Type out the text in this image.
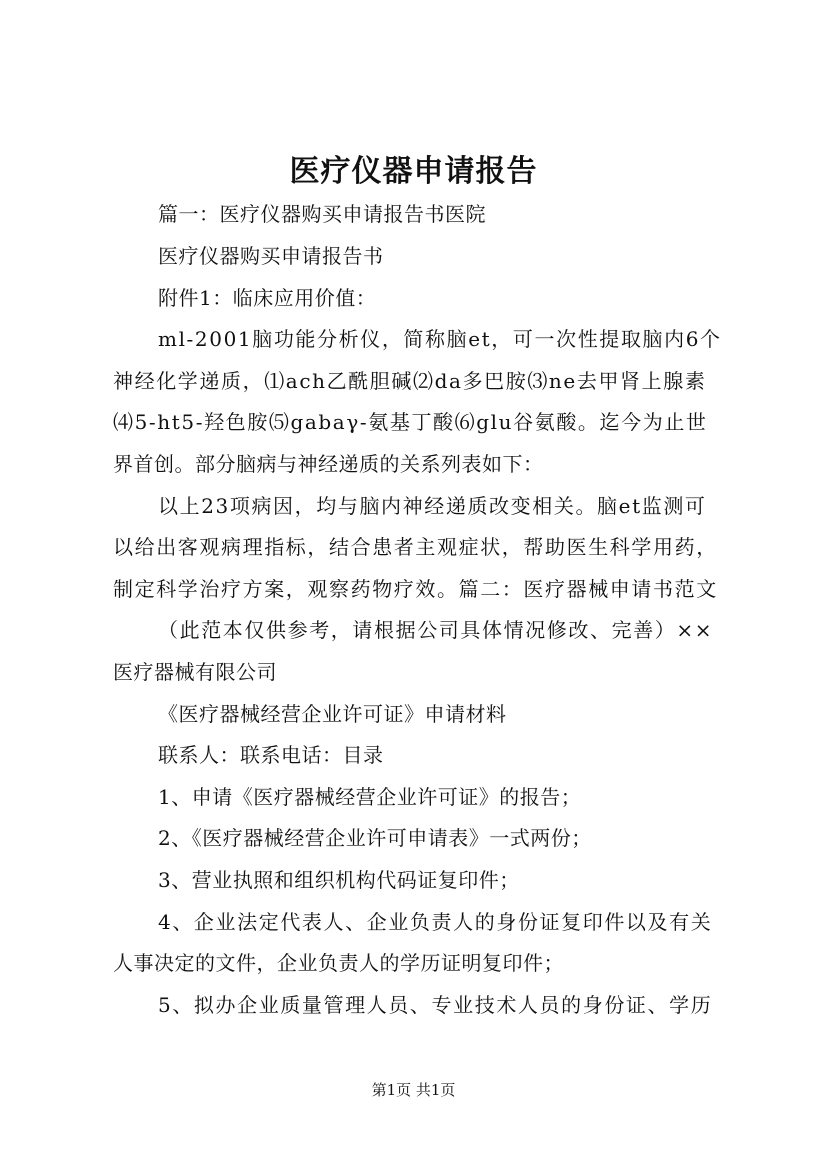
医疗仪器申请报告
篇一：医疗仪器购买申请报告书医院
医疗仪器购买申请报告书
附件1：临床应用价值：
ml-2001脑功能分析仪，简称脑et，可一次性提取脑内6个
神经化学递质，⑴ach乙酰胆碱⑵da多巴胺⑶ne去甲肾上腺素
⑷5-ht5-羟色胺⑸gabaγ-氨基丁酸⑹glu谷氨酸。迄今为止世
界首创。部分脑病与神经递质的关系列表如下：
以上23项病因，均与脑内神经递质改变相关。脑et监测可
以给出客观病理指标，结合患者主观症状，帮助医生科学用药，
制定科学治疗方案，观察药物疗效。篇二：医疗器械申请书范文
（此范本仅供参考，请根据公司具体情况修改、完善）××
医疗器械有限公司
《医疗器械经营企业许可证》申请材料
联系人：联系电话：目录
1、申请《医疗器械经营企业许可证》的报告；
2、《医疗器械经营企业许可申请表》一式两份；
3、营业执照和组织机构代码证复印件；
4、企业法定代表人、企业负责人的身份证复印件以及有关
人事决定的文件，企业负责人的学历证明复印件；
5、拟办企业质量管理人员、专业技术人员的身份证、学历
第1页 共1页
